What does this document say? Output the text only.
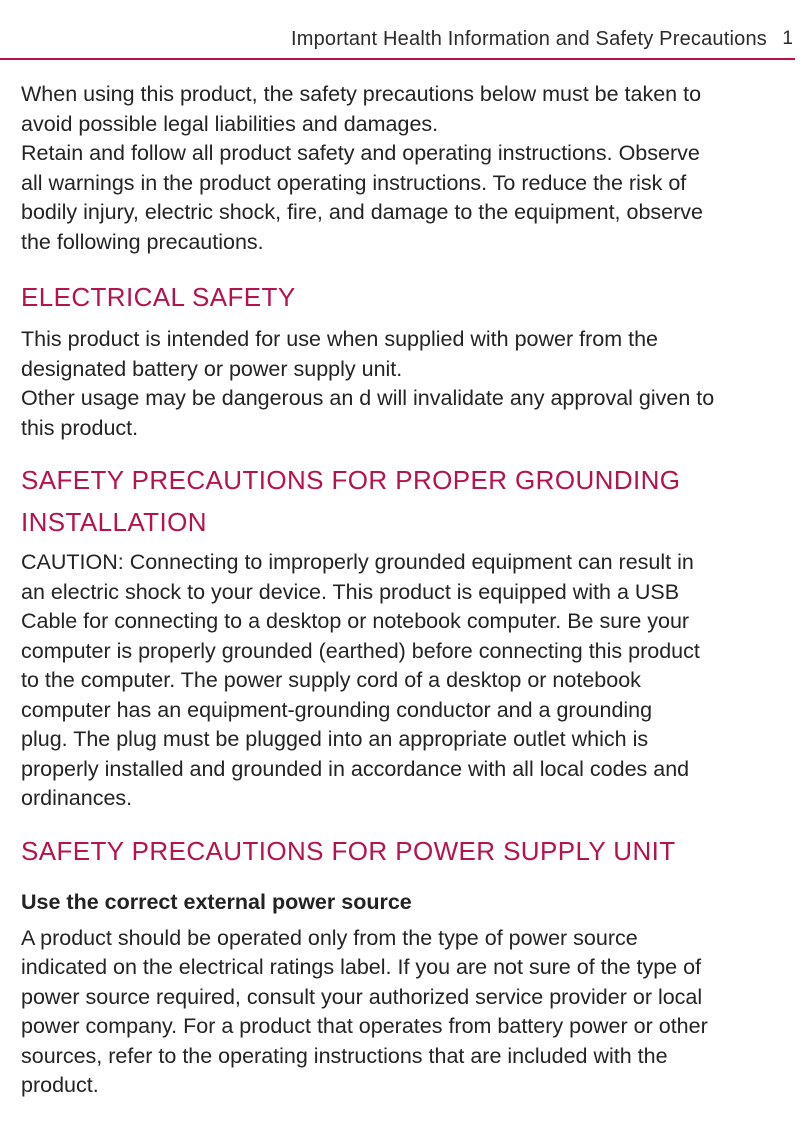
Important Health Information and Safety Precautions 1

When using this product, the safety precautions below must be taken to
avoid possible legal liabilities and damages.
Retain and follow all product safety and operating instructions. Observe
all warnings in the product operating instructions. To reduce the risk of
bodily injury, electric shock, fire, and damage to the equipment, observe
the following precautions.

ELECTRICAL SAFETY

This product is intended for use when supplied with power from the
designated battery or power supply unit.
Other usage may be dangerous an d will invalidate any approval given to
this product.

SAFETY PRECAUTIONS FOR PROPER GROUNDING
INSTALLATION

CAUTION: Connecting to improperly grounded equipment can result in
an electric shock to your device. This product is equipped with a USB
Cable for connecting to a desktop or notebook computer. Be sure your
computer is properly grounded (earthed) before connecting this product
to the computer. The power supply cord of a desktop or notebook
computer has an equipment-grounding conductor and a grounding
plug. The plug must be plugged into an appropriate outlet which is
properly installed and grounded in accordance with all local codes and
ordinances.

SAFETY PRECAUTIONS FOR POWER SUPPLY UNIT
Use the correct external power source

A product should be operated only from the type of power source
indicated on the electrical ratings label. If you are not sure of the type of
power source required, consult your authorized service provider or local
power company. For a product that operates from battery power or other
sources, refer to the operating instructions that are included with the
product.
